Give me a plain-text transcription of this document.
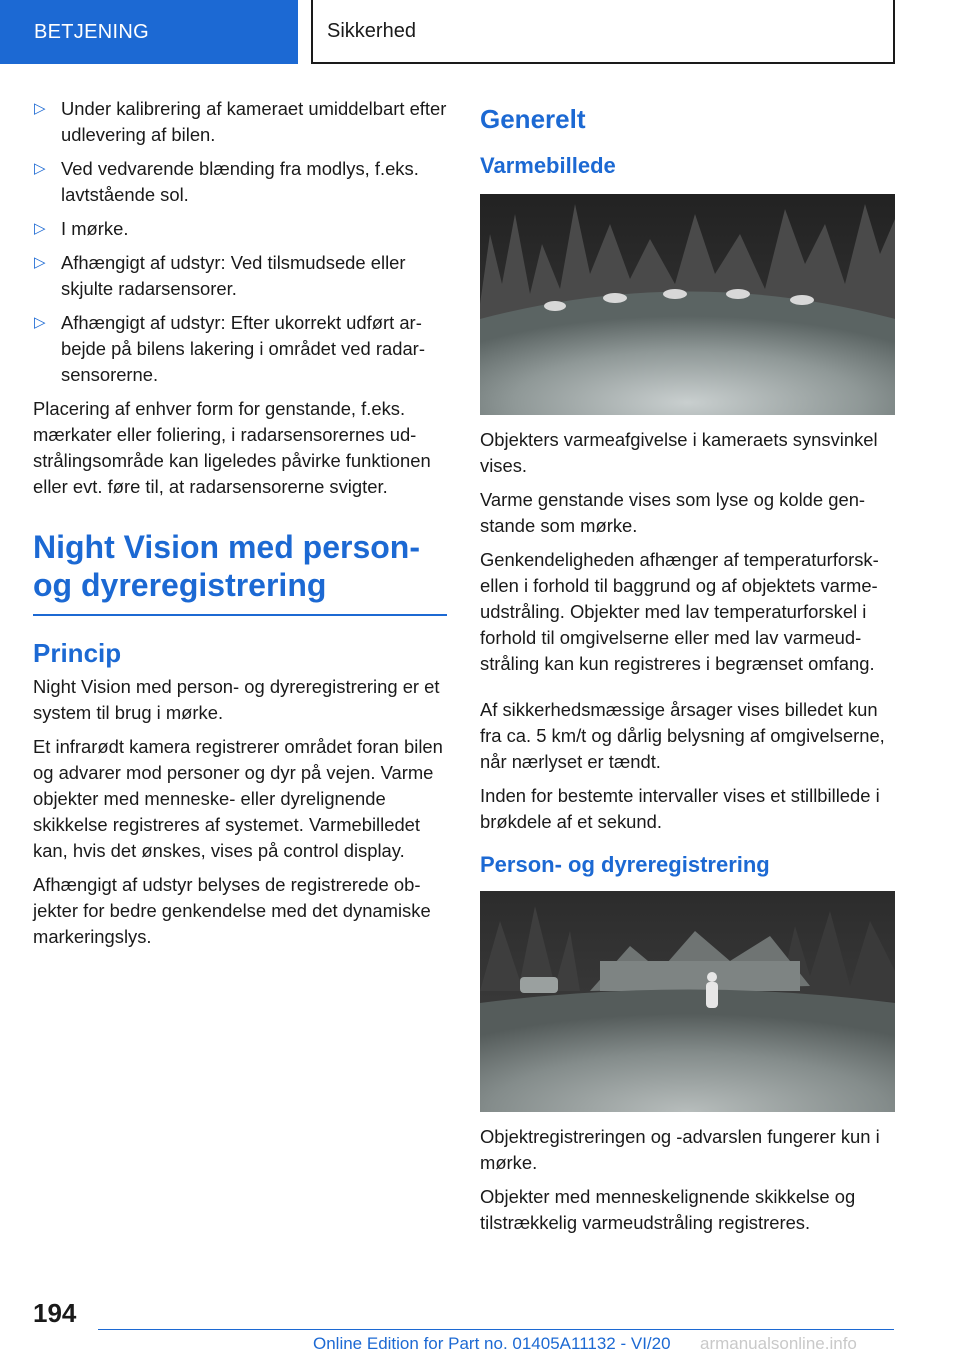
BETJENING	Sikkerhed
▷ Under kalibrering af kameraet umiddelbart efter udlevering af bilen.
▷ Ved vedvarende blænding fra modlys, f.eks. lavtstående sol.
▷ I mørke.
▷ Afhængigt af udstyr: Ved tilsmudsede eller skjulte radarsensorer.
▷ Afhængigt af udstyr: Efter ukorrekt udført arbejde på bilens lakering i området ved radarsensorerne.

Placering af enhver form for genstande, f.eks. mærkater eller foliering, i radarsensorernes udstrålingsområde kan ligeledes påvirke funktionen eller evt. føre til, at radarsensorerne svigter.

Night Vision med person- og dyreregistrering
Princip

Night Vision med person- og dyreregistrering er et system til brug i mørke.

Et infrarødt kamera registrerer området foran bilen og advarer mod personer og dyr på vejen. Varme objekter med menneske- eller dyrelignende skikkelse registreres af systemet. Varmebilledet kan, hvis det ønskes, vises på control display.

Afhængigt af udstyr belyses de registrerede objekter for bedre genkendelse med det dynamiske markeringslys.

Generelt
Varmebillede

Objekters varmeafgivelse i kameraets synsvinkel vises.

Varme genstande vises som lyse og kolde genstande som mørke.

Genkendeligheden afhænger af temperaturforskellen i forhold til baggrund og af objektets varmeudstråling. Objekter med lav temperaturforskel i forhold til omgivelserne eller med lav varmeudstråling kan kun registreres i begrænset omfang.

Af sikkerhedsmæssige årsager vises billedet kun fra ca. 5 km/t og dårlig belysning af omgivelserne, når nærlyset er tændt.

Inden for bestemte intervaller vises et stillbillede i brøkdele af et sekund.

Person- og dyreregistrering

Objektregistreringen og -advarslen fungerer kun i mørke.

Objekter med menneskelignende skikkelse og tilstrækkelig varmeudstråling registreres.

194
Online Edition for Part no. 01405A11132 - VI/20 armanualsonline.info
